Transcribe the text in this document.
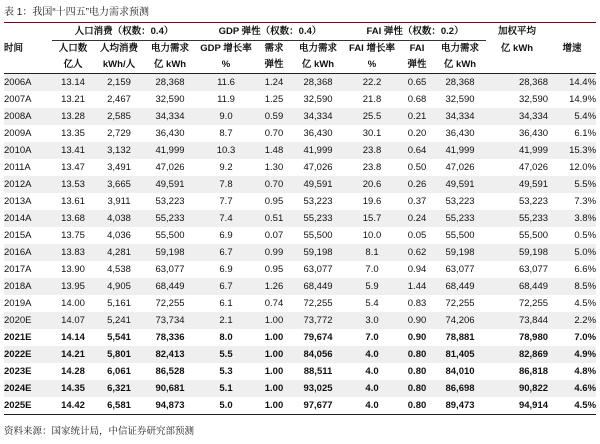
表 1：我国“十四五”电力需求预测
	人口消费（权数：0.4）			GDP 弹性（权数：0.4）			FAI 弹性（权数：0.2）			加权平均	
时间	人口数	人均消费	电力需求	GDP 增长率	需求	电力需求	FAI 增长率	FAI	电力需求	亿 kWh	增速
	亿人	kWh/人	亿 kWh	%	弹性	亿 kWh	%	弹性	亿 kWh		
2006A	13.14	2,159	28,368	11.6	1.24	28,368	22.2	0.65	28,368	28,368	14.4%
2007A	13.21	2,467	32,590	11.9	1.25	32,590	21.8	0.68	32,590	32,590	14.9%
2008A	13.28	2,585	34,334	9.0	0.59	34,334	25.5	0.21	34,334	34,334	5.4%
2009A	13.35	2,729	36,430	8.7	0.70	36,430	30.1	0.20	36,430	36,430	6.1%
2010A	13.41	3,132	41,999	10.3	1.48	41,999	23.8	0.64	41,999	41,999	15.3%
2011A	13.47	3,491	47,026	9.2	1.30	47,026	23.8	0.50	47,026	47,026	12.0%
2012A	13.53	3,665	49,591	7.8	0.70	49,591	20.6	0.26	49,591	49,591	5.5%
2013A	13.61	3,911	53,223	7.7	0.95	53,223	19.6	0.37	53,223	53,223	7.3%
2014A	13.68	4,038	55,233	7.4	0.51	55,233	15.7	0.24	55,233	55,233	3.8%
2015A	13.75	4,036	55,500	6.9	0.07	55,500	10.0	0.05	55,500	55,500	0.5%
2016A	13.83	4,281	59,198	6.7	0.99	59,198	8.1	0.62	59,198	59,198	5.0%
2017A	13.90	4,538	63,077	6.9	0.95	63,077	7.0	0.94	63,077	63,077	6.6%
2018A	13.95	4,905	68,449	6.7	1.26	68,449	5.9	1.44	68,449	68,449	8.5%
2019A	14.00	5,161	72,255	6.1	0.74	72,255	5.4	0.83	72,255	72,255	4.5%
2020E	14.07	5,241	73,734	2.1	1.00	73,772	3.0	0.90	74,206	73,844	2.2%
2021E	14.14	5,541	78,336	8.0	1.00	79,674	7.0	0.90	78,881	78,980	7.0%
2022E	14.21	5,801	82,413	5.5	1.00	84,056	4.0	0.80	81,405	82,869	4.9%
2023E	14.28	6,061	86,528	5.3	1.00	88,511	4.0	0.80	84,010	86,818	4.8%
2024E	14.35	6,321	90,681	5.1	1.00	93,025	4.0	0.80	86,698	90,822	4.6%
2025E	14.42	6,581	94,873	5.0	1.00	97,677	4.0	0.80	89,473	94,914	4.5%
资料来源：国家统计局，中信证券研究部预测
